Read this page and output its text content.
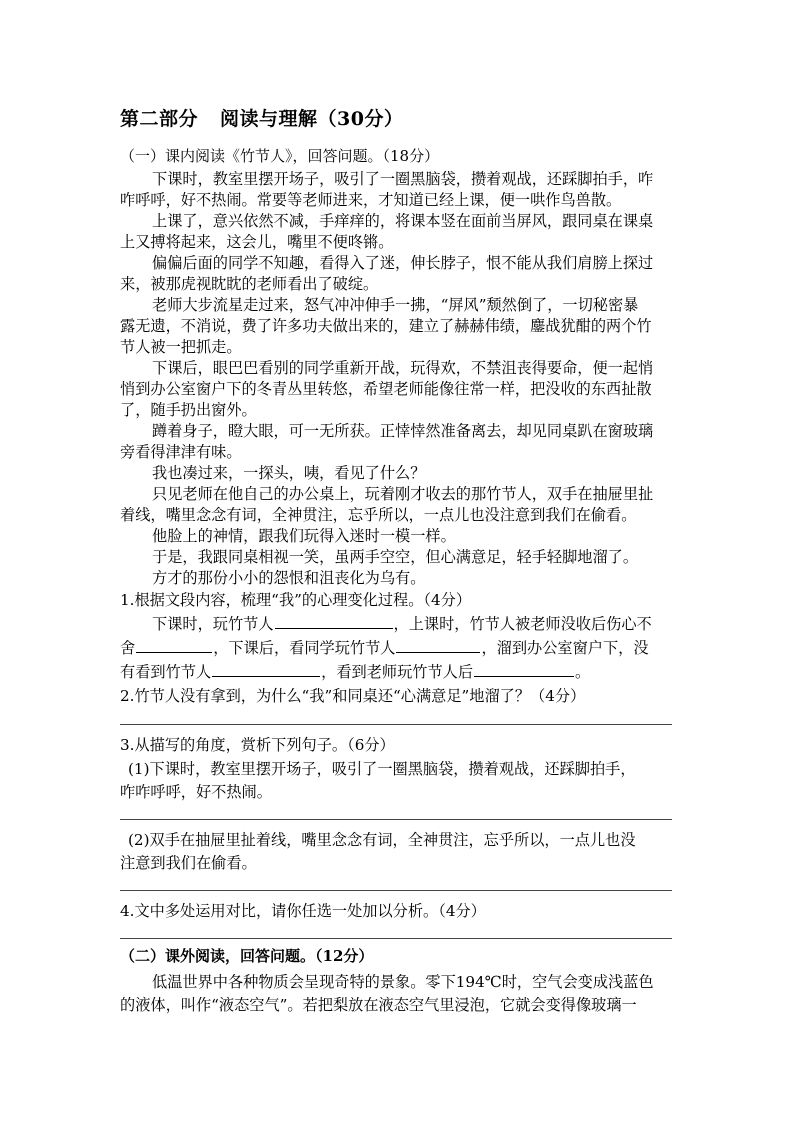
第二部分 阅读与理解（30分）
（一）课内阅读《竹节人》，回答问题。（18分）
下课时，教室里摆开场子，吸引了一圈黑脑袋，攒着观战，还踩脚拍手，咋
咋呼呼，好不热闹。常要等老师进来，才知道已经上课，便一哄作鸟兽散。
上课了，意兴依然不减，手痒痒的，将课本竖在面前当屏风，跟同桌在课桌
上又搏将起来，这会儿，嘴里不便咚锵。
偏偏后面的同学不知趣，看得入了迷，伸长脖子，恨不能从我们肩膀上探过
来，被那虎视眈眈的老师看出了破绽。
老师大步流星走过来，怒气冲冲伸手一拂，“屏风”颓然倒了，一切秘密暴
露无遗，不消说，费了许多功夫做出来的，建立了赫赫伟绩，鏖战犹酣的两个竹
节人被一把抓走。
下课后，眼巴巴看别的同学重新开战，玩得欢，不禁沮丧得要命，便一起悄
悄到办公室窗户下的冬青丛里转悠，希望老师能像往常一样，把没收的东西扯散
了，随手扔出窗外。
蹲着身子，瞪大眼，可一无所获。正悻悻然准备离去，却见同桌趴在窗玻璃
旁看得津津有味。
我也凑过来，一探头，咦，看见了什么？
只见老师在他自己的办公桌上，玩着刚才收去的那竹节人，双手在抽屉里扯
着线，嘴里念念有词，全神贯注，忘乎所以，一点儿也没注意到我们在偷看。
他脸上的神情，跟我们玩得入迷时一模一样。
于是，我跟同桌相视一笑，虽两手空空，但心满意足，轻手轻脚地溜了。
方才的那份小小的怨恨和沮丧化为乌有。
1.根据文段内容，梳理“我”的心理变化过程。（4分）
下课时，玩竹节人	，上课时，竹节人被老师没收后伤心不
舍	，下课后，看同学玩竹节人	，溜到办公室窗户下，没
有看到竹节人	，看到老师玩竹节人后	。
2.竹节人没有拿到，为什么“我”和同桌还“心满意足”地溜了？（4分）
3.从描写的角度，赏析下列句子。（6分）
(1)下课时，教室里摆开场子，吸引了一圈黑脑袋，攒着观战，还踩脚拍手，
咋咋呼呼，好不热闹。
(2)双手在抽屉里扯着线，嘴里念念有词，全神贯注，忘乎所以，一点儿也没
注意到我们在偷看。
4.文中多处运用对比，请你任选一处加以分析。（4分）
（二）课外阅读，回答问题。（12分）
低温世界中各种物质会呈现奇特的景象。零下194℃时，空气会变成浅蓝色
的液体，叫作“液态空气”。若把梨放在液态空气里浸泡，它就会变得像玻璃一
